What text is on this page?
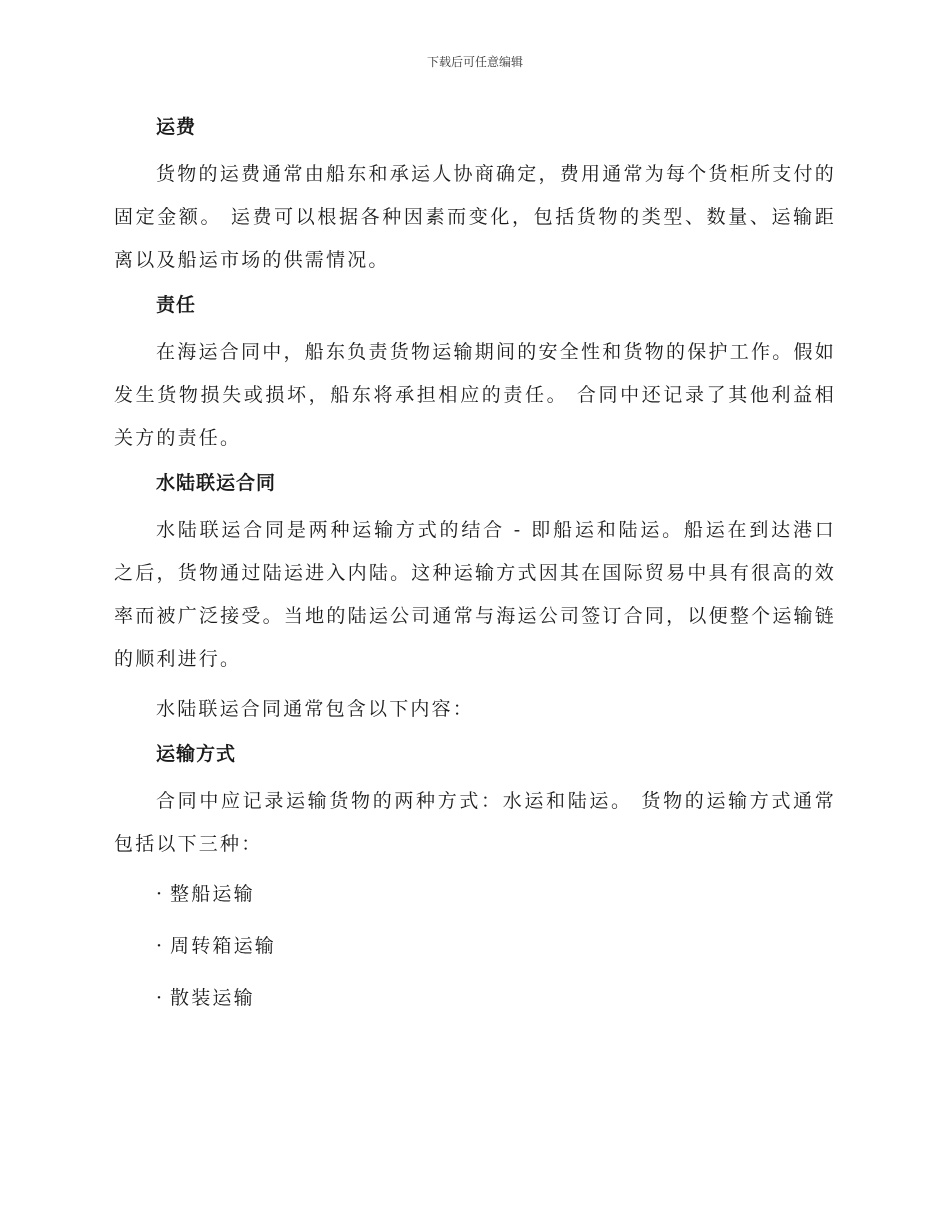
下载后可任意编辑
运费

货物的运费通常由船东和承运人协商确定，费用通常为每个货柜所支付的固定金额。 运费可以根据各种因素而变化，包括货物的类型、数量、运输距离以及船运市场的供需情况。

责任

在海运合同中，船东负责货物运输期间的安全性和货物的保护工作。假如发生货物损失或损坏，船东将承担相应的责任。 合同中还记录了其他利益相关方的责任。

水陆联运合同

水陆联运合同是两种运输方式的结合 - 即船运和陆运。船运在到达港口之后，货物通过陆运进入内陆。这种运输方式因其在国际贸易中具有很高的效率而被广泛接受。当地的陆运公司通常与海运公司签订合同，以便整个运输链的顺利进行。

水陆联运合同通常包含以下内容：

运输方式

合同中应记录运输货物的两种方式：水运和陆运。 货物的运输方式通常包括以下三种：

· 整船运输
· 周转箱运输
· 散装运输
